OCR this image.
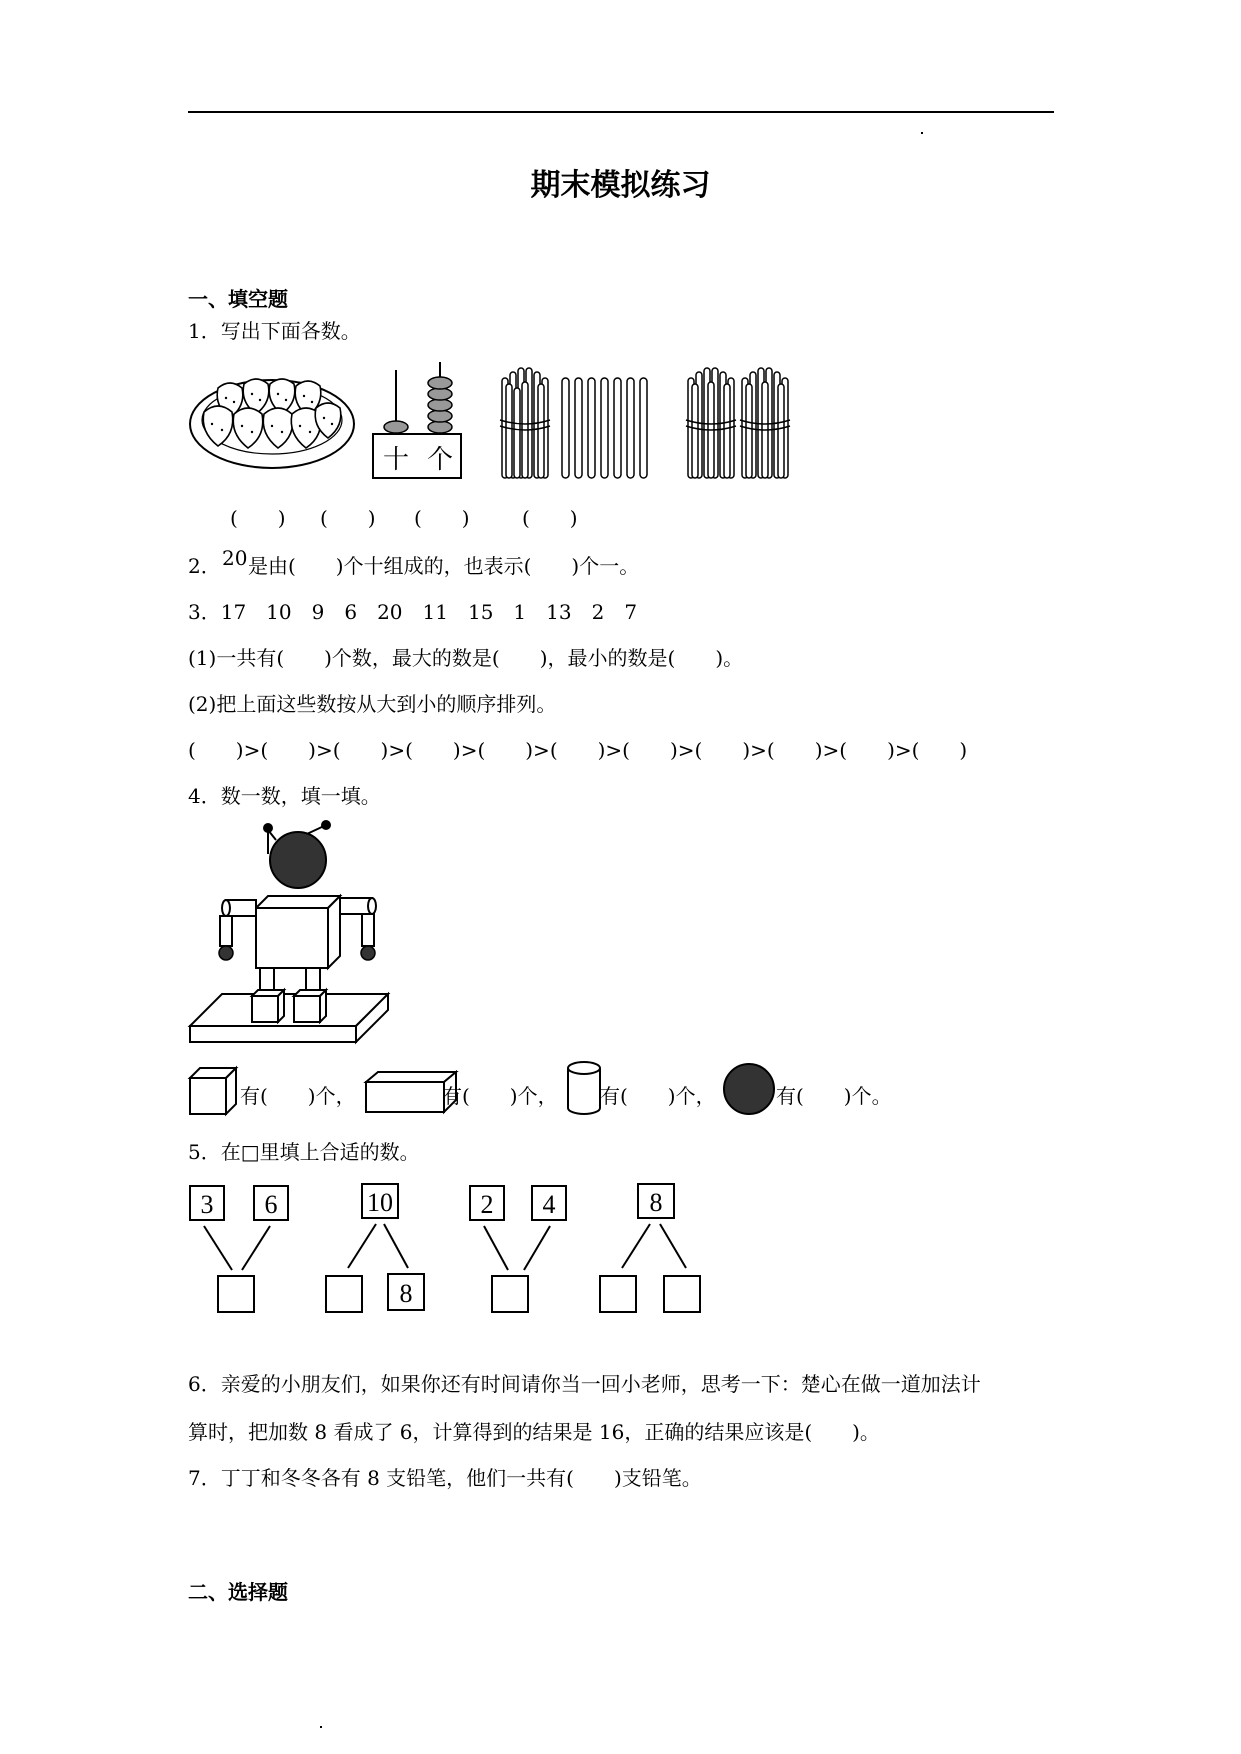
期末模拟练习
一、填空题
1．写出下面各数。
十 个
(　　) (　　) (　　)	(　　)
2． 20 是由(　　)个十组成的，也表示(　　)个一。
3．17　10　9　6　20　11　15　1　13　2　7
(1)一共有(　　)个数，最大的数是(　　)，最小的数是(　　)。
(2)把上面这些数按从大到小的顺序排列。
(　　)>(　　)>(　　)>(　　)>(　　)>(　　)>(　　)>(　　)>(　　)>(　　)>(　　)
4．数一数，填一填。
有(　　)个，	有(　　)个， 有(　　)个，	有(　　)个。
5．在□里填上合适的数。
3 6	10
8
2 4	8
6．亲爱的小朋友们，如果你还有时间请你当一回小老师，思考一下：楚心在做一道加法计
算时，把加数 8 看成了 6，计算得到的结果是 16，正确的结果应该是(　　)。
7．丁丁和冬冬各有 8 支铅笔，他们一共有(　　)支铅笔。
二、选择题
